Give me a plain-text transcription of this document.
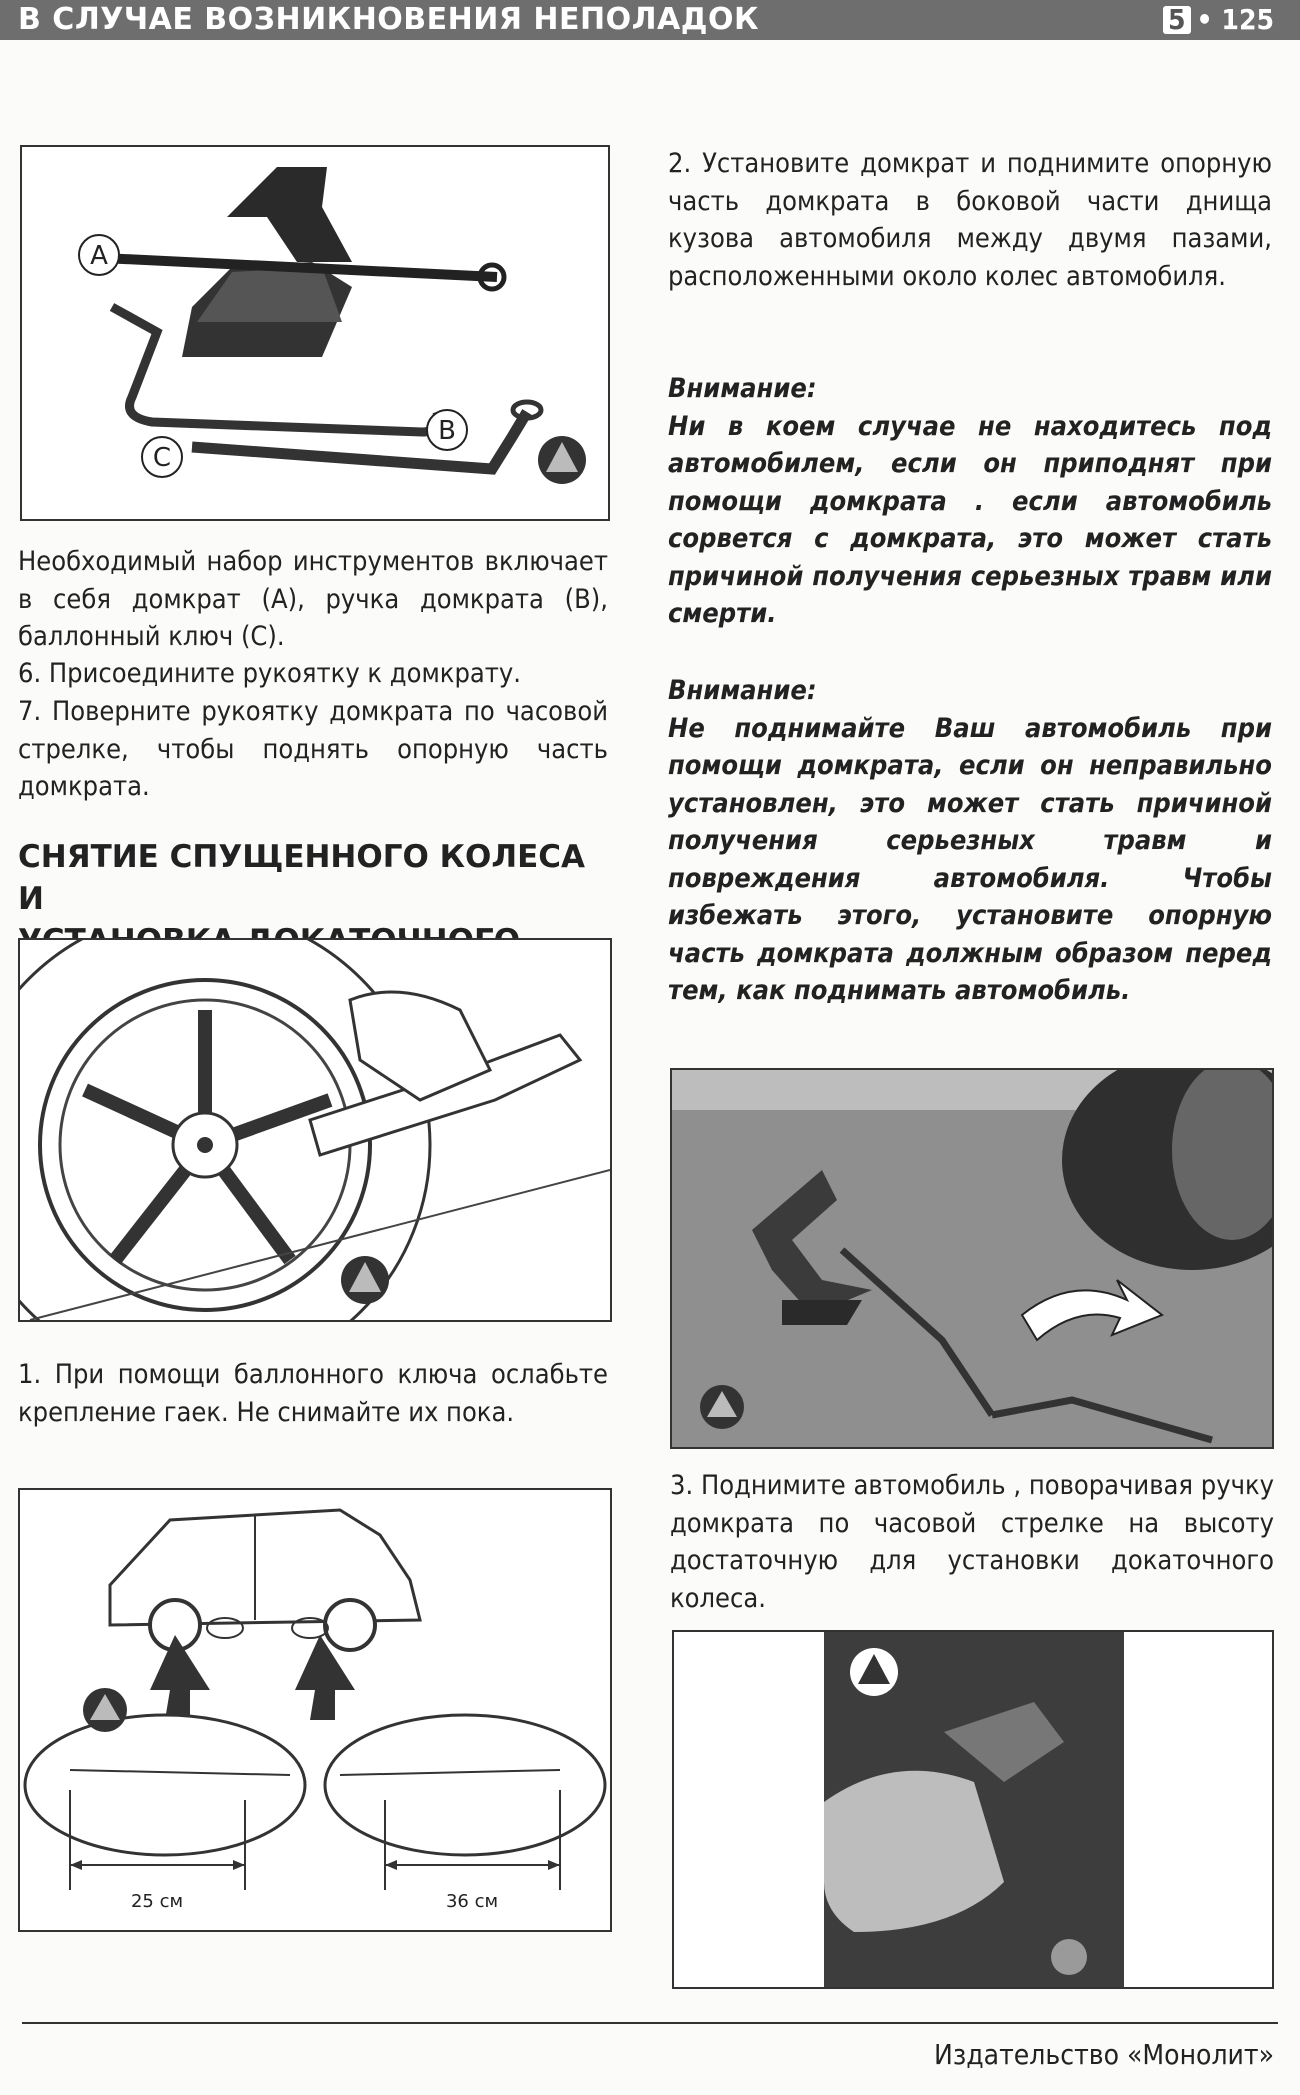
В СЛУЧАЕ ВОЗНИКНОВЕНИЯ НЕПОЛАДОК	5 • 125
A
B
C

Необходимый набор инструментов включает в себя домкрат (А), ручка домкрата (В), баллонный ключ (С).

6. Присоедините рукоятку к домкрату.

7. Поверните рукоятку домкрата по часовой стрелке, чтобы поднять опорную часть домкрата.

СНЯТИЕ СПУЩЕННОГО КОЛЕСА И

1. При помощи баллонного ключа ослабьте крепление гаек. Не снимайте их пока.

25 см	36 см

2. Установите домкрат и поднимите опорную часть домкрата в боковой части днища кузова автомобиля между двумя пазами, расположенными около колес автомобиля.

Внимание:
Ни в коем случае не находитесь под автомобилем, если он приподнят при помощи домкрата . если автомобиль сорвется с домкрата, это может стать причиной получения серьезных травм или смерти.
Внимание:
Не поднимайте Ваш автомобиль при помощи домкрата, если он неправильно установлен, это может стать причиной получения серьезных травм и повреждения автомобиля. Чтобы избежать этого, установите опорную часть домкрата должным образом перед тем, как поднимать автомобиль.

3. Поднимите автомобиль , поворачивая ручку домкрата по часовой стрелке на высоту достаточную для установки докаточного колеса.

Издательство «Монолит»
